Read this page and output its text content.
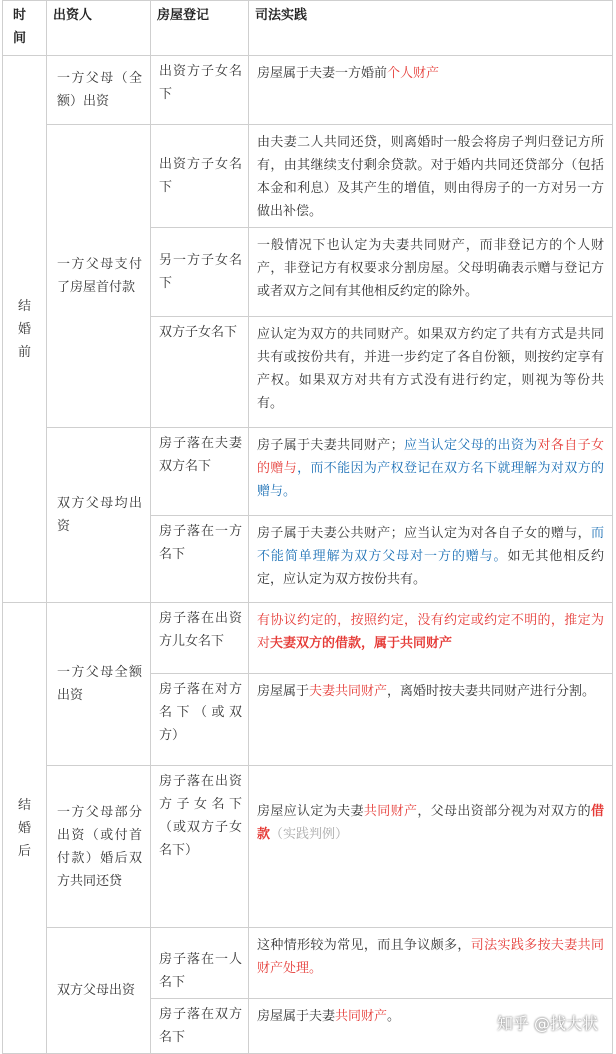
时间	出资人	房屋登记	司法实践
结婚前	一方父母（全额）出资	出资方子女名下	房屋属于夫妻一方婚前个人财产
	一方父母支付了房屋首付款	出资方子女名下	由夫妻二人共同还贷，则离婚时一般会将房子判归登记方所有，由其继续支付剩余贷款。对于婚内共同还贷部分（包括本金和利息）及其产生的增值，则由得房子的一方对另一方做出补偿。
		另一方子女名下	一般情况下也认定为夫妻共同财产，而非登记方的个人财产，非登记方有权要求分割房屋。父母明确表示赠与登记方或者双方之间有其他相反约定的除外。
		双方子女名下	应认定为双方的共同财产。如果双方约定了共有方式是共同共有或按份共有，并进一步约定了各自份额，则按约定享有产权。如果双方对共有方式没有进行约定，则视为等份共有。
	双方父母均出资	房子落在夫妻双方名下	房子属于夫妻共同财产；应当认定父母的出资为对各自子女的赠与，而不能因为产权登记在双方名下就理解为对双方的赠与。
		房子落在一方名下	房子属于夫妻公共财产；应当认定为对各自子女的赠与，而不能简单理解为双方父母对一方的赠与。如无其他相反约定，应认定为双方按份共有。

结婚后	一方父母全额出资	房子落在出资方儿女名下	有协议约定的，按照约定，没有约定或约定不明的，推定为对夫妻双方的借款，属于共同财产
		房子落在对方名下（或双方）	房屋属于夫妻共同财产，离婚时按夫妻共同财产进行分割。
	一方父母部分出资（或付首付款）婚后双方共同还贷	房子落在出资方子女名下（或双方子女名下）	房屋应认定为夫妻共同财产，父母出资部分视为对双方的借款（实践判例）
	双方父母出资	房子落在一人名下	这种情形较为常见，而且争议颇多，司法实践多按夫妻共同财产处理。
		房子落在双方名下	房屋属于夫妻共同财产。	知乎 @找大状
